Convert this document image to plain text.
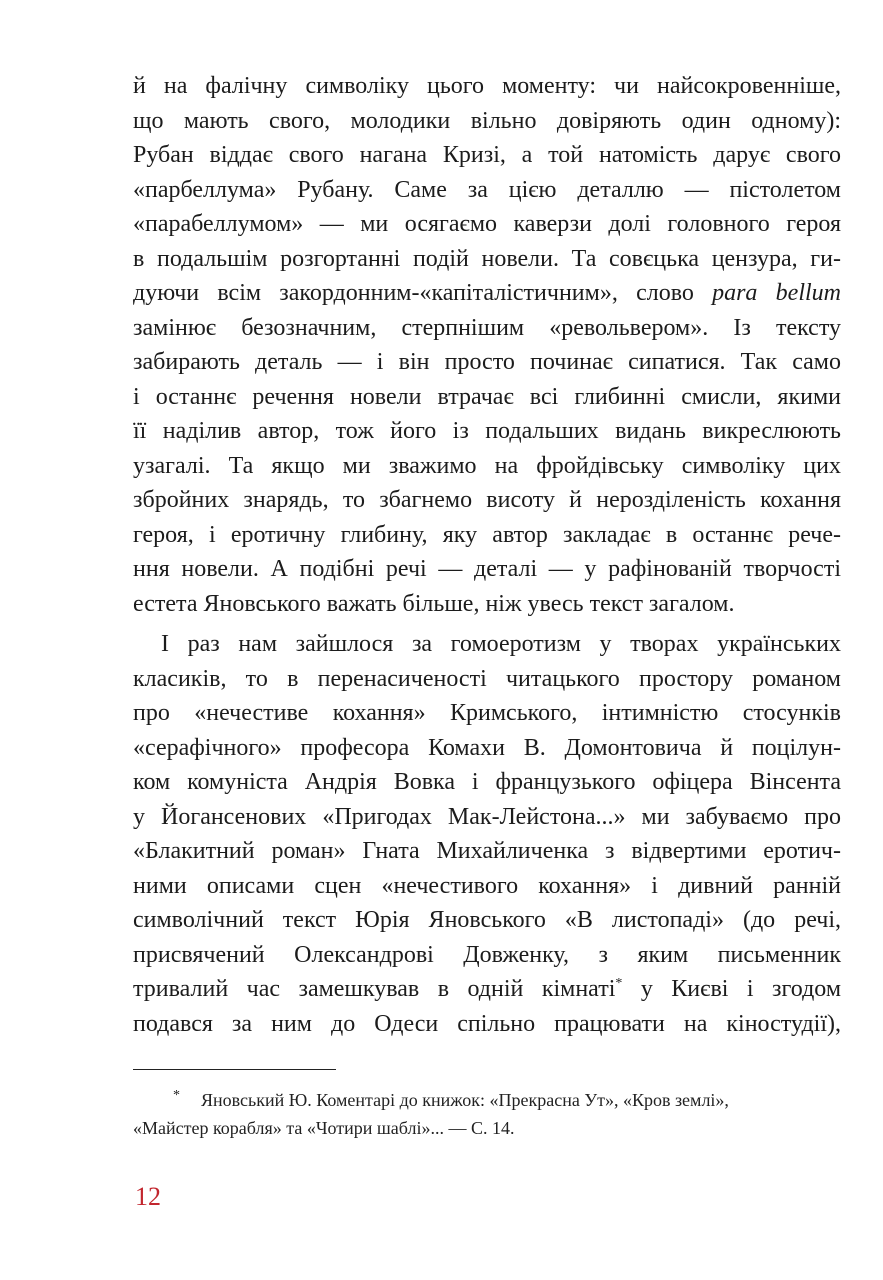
й на фалічну символіку цього моменту: чи найсокровенніше,
що мають свого, молодики вільно довіряють один одному):
Рубан віддає свого нагана Кризі, а той натомість дарує свого
«парбеллума» Рубану. Саме за цією деталлю — пістолетом
«парабеллумом» — ми осягаємо каверзи долі головного героя
в подальшім розгортанні подій новели. Та совєцька цензура, ги-
дуючи всім закордонним-«капіталістичним», слово para bellum
замінює безозначним, стерпнішим «револьвером». Із тексту
забирають деталь — і він просто починає сипатися. Так само
і останнє речення новели втрачає всі глибинні смисли, якими
її наділив автор, тож його із подальших видань викреслюють
узагалі. Та якщо ми зважимо на фройдівську символіку цих
збройних знарядь, то збагнемо висоту й нерозділеність кохання
героя, і еротичну глибину, яку автор закладає в останнє рече-
ння новели. А подібні речі — деталі — у рафінованій творчості
естета Яновського важать більше, ніж увесь текст загалом.
І раз нам зайшлося за гомоеротизм у творах українських
класиків, то в перенасиченості читацького простору романом
про «нечестиве кохання» Кримського, інтимністю стосунків
«серафічного» професора Комахи В. Домонтовича й поцілун-
ком комуніста Андрія Вовка і французького офіцера Вінсента
у Йогансенових «Пригодах Мак-Лейстона...» ми забуваємо про
«Блакитний роман» Гната Михайличенка з відвертими еротич-
ними описами сцен «нечестивого кохання» і дивний ранній
символічний текст Юрія Яновського «В листопаді» (до речі,
присвячений Олександрові Довженку, з яким письменник
тривалий час замешкував в одній кімнаті* у Києві і згодом
подався за ним до Одеси спільно працювати на кіностудії),
*	Яновський Ю. Коментарі до книжок: «Прекрасна Ут», «Кров землі»,
«Майстер корабля» та «Чотири шаблі»... — С. 14.
12
